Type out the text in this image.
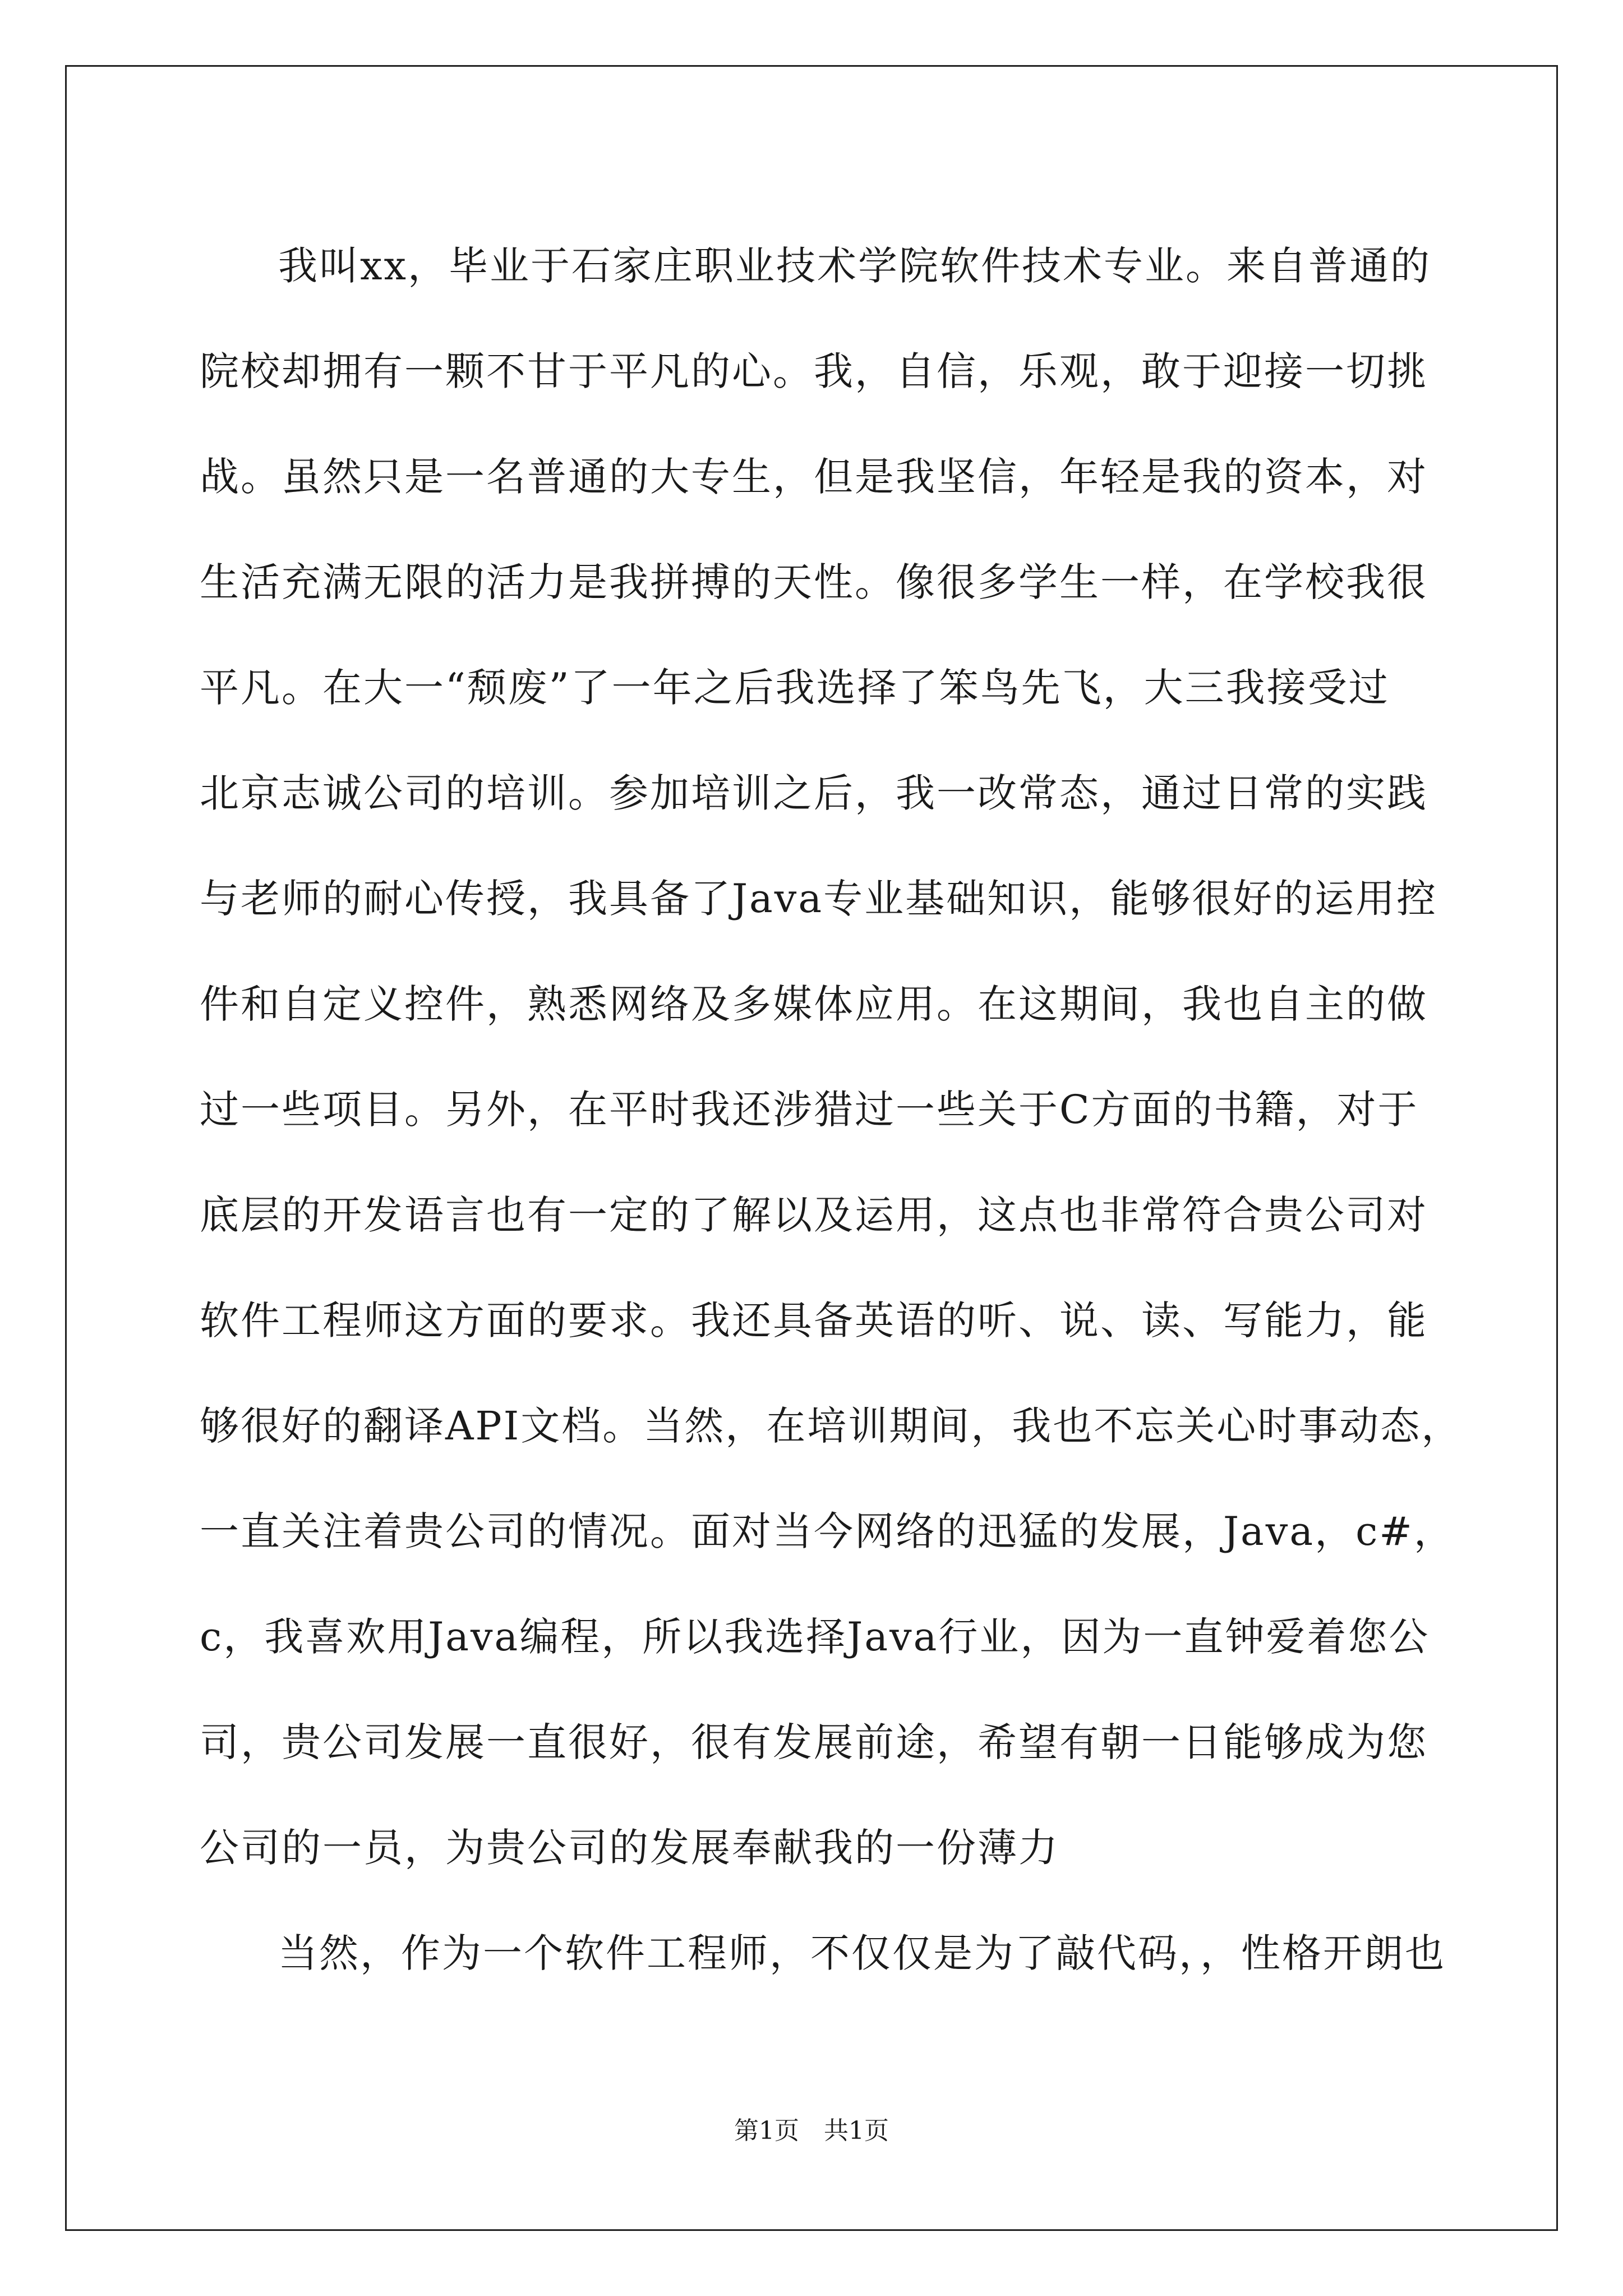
我叫xx，毕业于石家庄职业技术学院软件技术专业。来自普通的
院校却拥有一颗不甘于平凡的心。我，自信，乐观，敢于迎接一切挑
战。虽然只是一名普通的大专生，但是我坚信，年轻是我的资本，对
生活充满无限的活力是我拼搏的天性。像很多学生一样，在学校我很
平凡。在大一“颓废”了一年之后我选择了笨鸟先飞，大三我接受过
北京志诚公司的培训。参加培训之后，我一改常态，通过日常的实践
与老师的耐心传授，我具备了Java专业基础知识，能够很好的运用控
件和自定义控件，熟悉网络及多媒体应用。在这期间，我也自主的做
过一些项目。另外，在平时我还涉猎过一些关于C方面的书籍，对于
底层的开发语言也有一定的了解以及运用，这点也非常符合贵公司对
软件工程师这方面的要求。我还具备英语的听、说、读、写能力，能
够很好的翻译API文档。当然，在培训期间，我也不忘关心时事动态，
一直关注着贵公司的情况。面对当今网络的迅猛的发展，Java，c#，
c，我喜欢用Java编程，所以我选择Java行业，因为一直钟爱着您公
司，贵公司发展一直很好，很有发展前途，希望有朝一日能够成为您
公司的一员，为贵公司的发展奉献我的一份薄力
当然，作为一个软件工程师，不仅仅是为了敲代码，，性格开朗也
第1页　共1页
